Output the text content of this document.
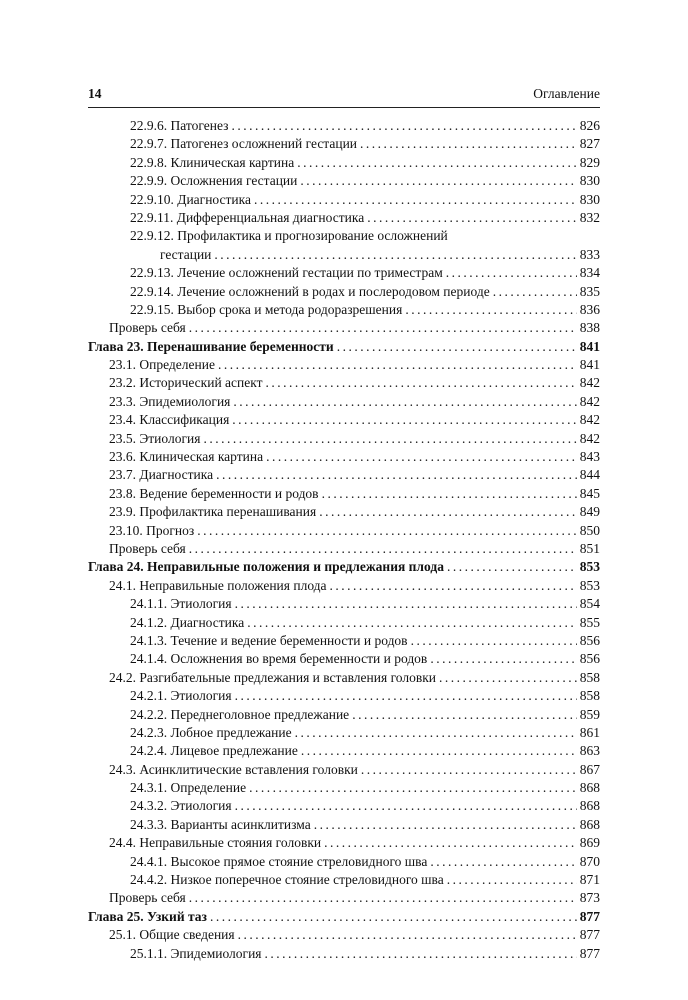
14	Оглавление
22.9.6. Патогенез .....	826
22.9.7. Патогенез осложнений гестации .....	827
22.9.8. Клиническая картина .....	829
22.9.9. Осложнения гестации .....	830
22.9.10. Диагностика .....	830
22.9.11. Дифференциальная диагностика .....	832
22.9.12. Профилактика и прогнозирование осложнений
гестации .....	833
22.9.13. Лечение осложнений гестации по триместрам .....	834
22.9.14. Лечение осложнений в родах и послеродовом периоде .....	835
22.9.15. Выбор срока и метода родоразрешения .....	836
Проверь себя .....	838
Глава 23. Перенашивание беременности .....	841
23.1. Определение .....	841
23.2. Исторический аспект .....	842
23.3. Эпидемиология .....	842
23.4. Классификация .....	842
23.5. Этиология .....	842
23.6. Клиническая картина .....	843
23.7. Диагностика .....	844
23.8. Ведение беременности и родов .....	845
23.9. Профилактика перенашивания .....	849
23.10. Прогноз .....	850
Проверь себя .....	851
Глава 24. Неправильные положения и предлежания плода .....	853
24.1. Неправильные положения плода .....	853
24.1.1. Этиология .....	854
24.1.2. Диагностика .....	855
24.1.3. Течение и ведение беременности и родов .....	856
24.1.4. Осложнения во время беременности и родов .....	856
24.2. Разгибательные предлежания и вставления головки .....	858
24.2.1. Этиология .....	858
24.2.2. Переднеголовное предлежание .....	859
24.2.3. Лобное предлежание .....	861
24.2.4. Лицевое предлежание .....	863
24.3. Асинклитические вставления головки .....	867
24.3.1. Определение .....	868
24.3.2. Этиология .....	868
24.3.3. Варианты асинклитизма .....	868
24.4. Неправильные стояния головки .....	869
24.4.1. Высокое прямое стояние стреловидного шва .....	870
24.4.2. Низкое поперечное стояние стреловидного шва .....	871
Проверь себя .....	873
Глава 25. Узкий таз .....	877
25.1. Общие сведения .....	877
25.1.1. Эпидемиология .....	877
